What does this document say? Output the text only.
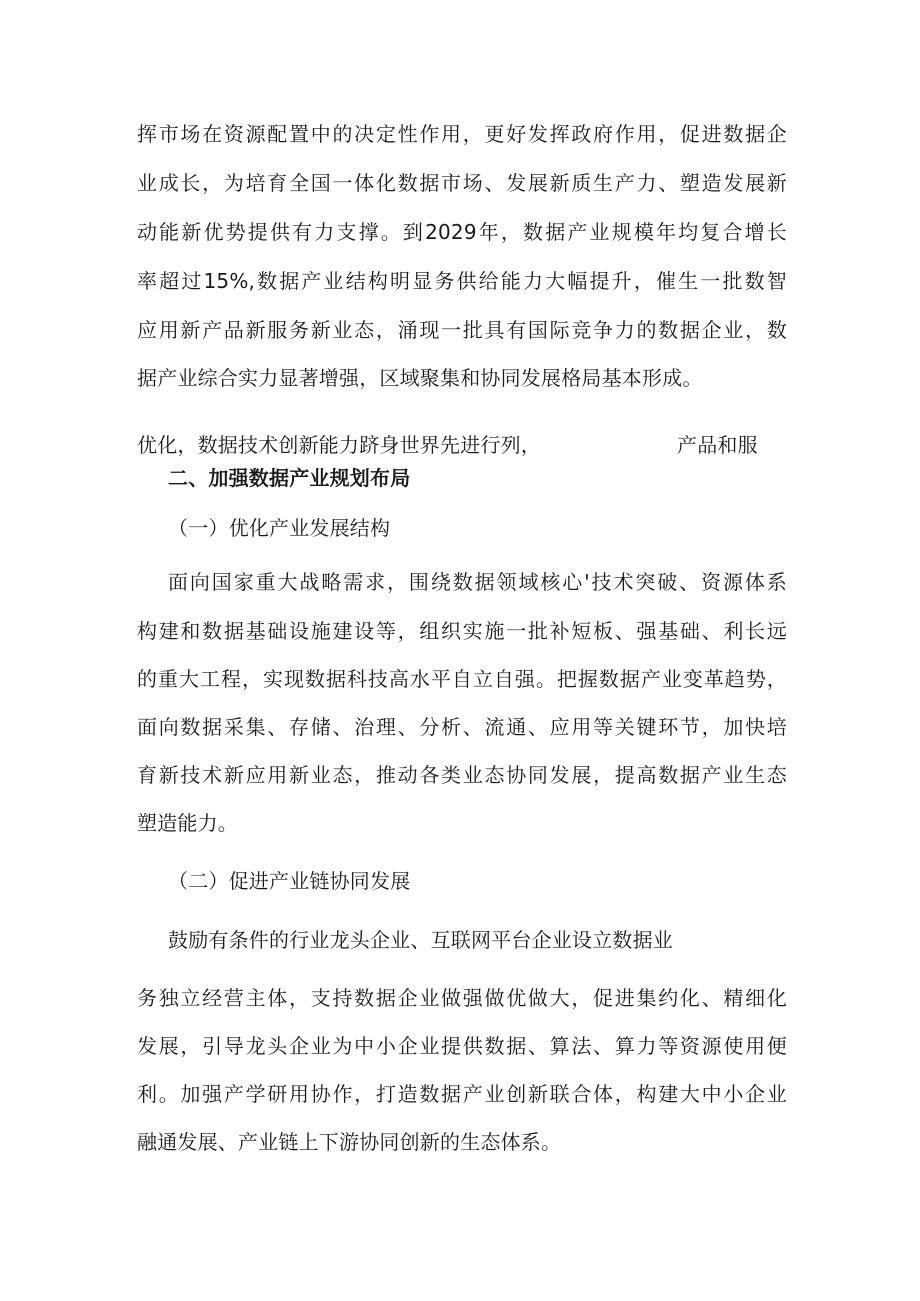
挥市场在资源配置中的决定性作用，更好发挥政府作用，促进数据企
业成长，为培育全国一体化数据市场、发展新质生产力、塑造发展新
动能新优势提供有力支撑。到2029年，数据产业规模年均复合增长
率超过15%,数据产业结构明显务供给能力大幅提升，催生一批数智
应用新产品新服务新业态，涌现一批具有国际竞争力的数据企业，数
据产业综合实力显著增强，区域聚集和协同发展格局基本形成。
优化，数据技术创新能力跻身世界先进行列，	产品和服
二、加强数据产业规划布局
（一）优化产业发展结构
面向国家重大战略需求，围绕数据领域核心'技术突破、资源体系
构建和数据基础设施建设等，组织实施一批补短板、强基础、利长远
的重大工程，实现数据科技高水平自立自强。把握数据产业变革趋势，
面向数据采集、存储、治理、分析、流通、应用等关键环节，加快培
育新技术新应用新业态，推动各类业态协同发展，提高数据产业生态
塑造能力。
（二）促进产业链协同发展
鼓励有条件的行业龙头企业、互联网平台企业设立数据业
务独立经营主体，支持数据企业做强做优做大，促进集约化、精细化
发展，引导龙头企业为中小企业提供数据、算法、算力等资源使用便
利。加强产学研用协作，打造数据产业创新联合体，构建大中小企业
融通发展、产业链上下游协同创新的生态体系。
